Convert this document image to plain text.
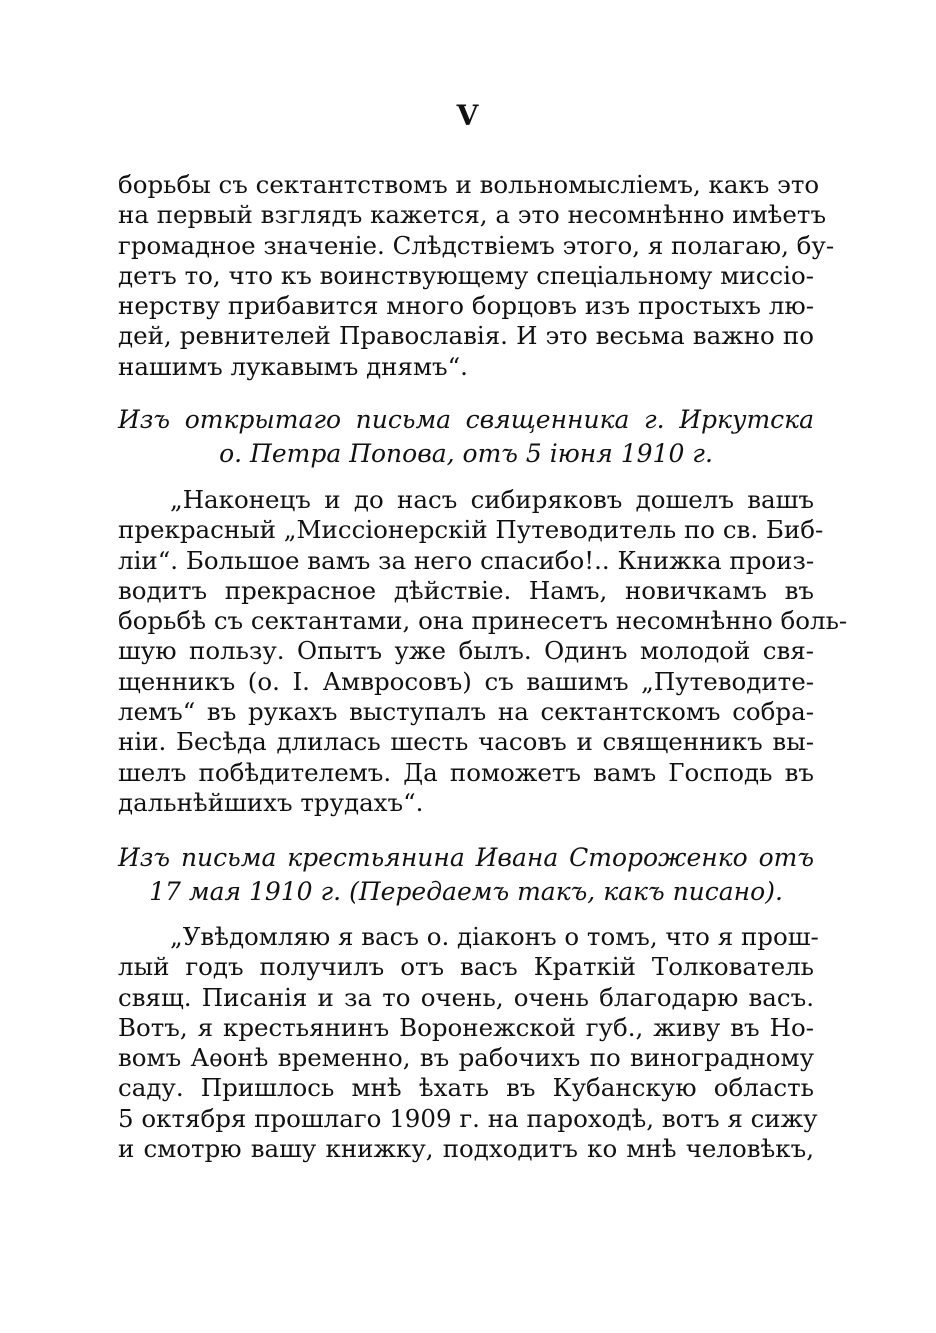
V
борьбы съ сектантствомъ и вольномысліемъ, какъ это
на первый взглядъ кажется, а это несомнѣнно имѣетъ
громадное значеніе. Слѣдствіемъ этого, я полагаю, бу-
детъ то, что къ воинствующему спеціальному миссіо-
нерству прибавится много борцовъ изъ простыхъ лю-
дей, ревнителей Православія. И это весьма важно по
нашимъ лукавымъ днямъ“.
Изъ открытаго письма священника г. Иркутска
о. Петра Попова, отъ 5 іюня 1910 г.
„Наконецъ и до насъ сибиряковъ дошелъ вашъ
прекрасный „Миссіонерскій Путеводитель по св. Биб-
ліи“. Большое вамъ за него спасибо!.. Книжка произ-
водитъ прекрасное дѣйствіе. Намъ, новичкамъ въ
борьбѣ съ сектантами, она принесетъ несомнѣнно боль-
шую пользу. Опытъ уже былъ. Одинъ молодой свя-
щенникъ (о. І. Амвросовъ) съ вашимъ „Путеводите-
лемъ“ въ рукахъ выступалъ на сектантскомъ собра-
ніи. Бесѣда длилась шесть часовъ и священникъ вы-
шелъ побѣдителемъ. Да поможетъ вамъ Господь въ
дальнѣйшихъ трудахъ“.
Изъ письма крестьянина Ивана Стороженко отъ
17 мая 1910 г. (Передаемъ такъ, какъ писано).
„Увѣдомляю я васъ о. діаконъ о томъ, что я прош-
лый годъ получилъ отъ васъ Краткій Толкователь
свящ. Писанія и за то очень, очень благодарю васъ.
Вотъ, я крестьянинъ Воронежской губ., живу въ Но-
вомъ Аѳонѣ временно, въ рабочихъ по виноградному
саду. Пришлось мнѣ ѣхать въ Кубанскую область
5 октября прошлаго 1909 г. на пароходѣ, вотъ я сижу
и смотрю вашу книжку, подходитъ ко мнѣ человѣкъ,
